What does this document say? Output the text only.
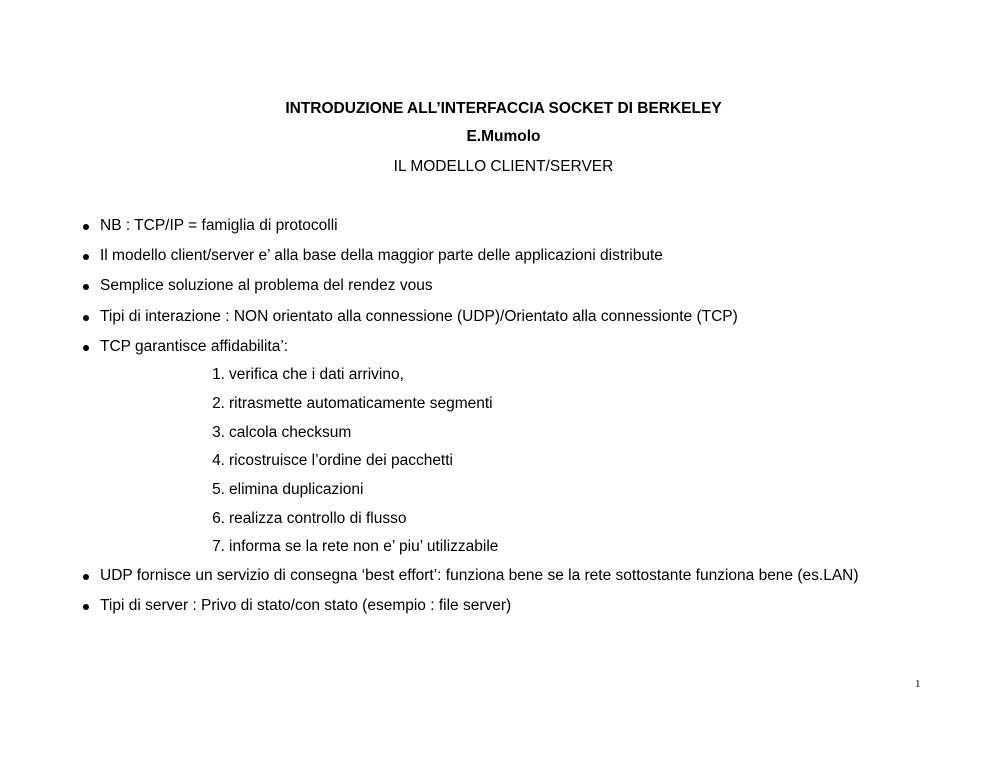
INTRODUZIONE ALL’INTERFACCIA SOCKET DI BERKELEY
E.Mumolo
IL MODELLO CLIENT/SERVER
NB : TCP/IP = famiglia di protocolli
Il modello client/server e’ alla base della maggior parte delle applicazioni distribute
Semplice soluzione al problema del rendez vous
Tipi di interazione : NON orientato alla connessione (UDP)/Orientato alla connessionte (TCP)
TCP garantisce affidabilita’:
1. verifica che i dati arrivino,
2. ritrasmette automaticamente segmenti
3. calcola checksum
4. ricostruisce l’ordine dei pacchetti
5. elimina duplicazioni
6. realizza controllo di flusso
7. informa se la rete non e’ piu’ utilizzabile
UDP fornisce un servizio di consegna ‘best effort’: funziona bene se la rete sottostante funziona bene (es.LAN)
Tipi di server : Privo di stato/con stato (esempio : file server)
1
